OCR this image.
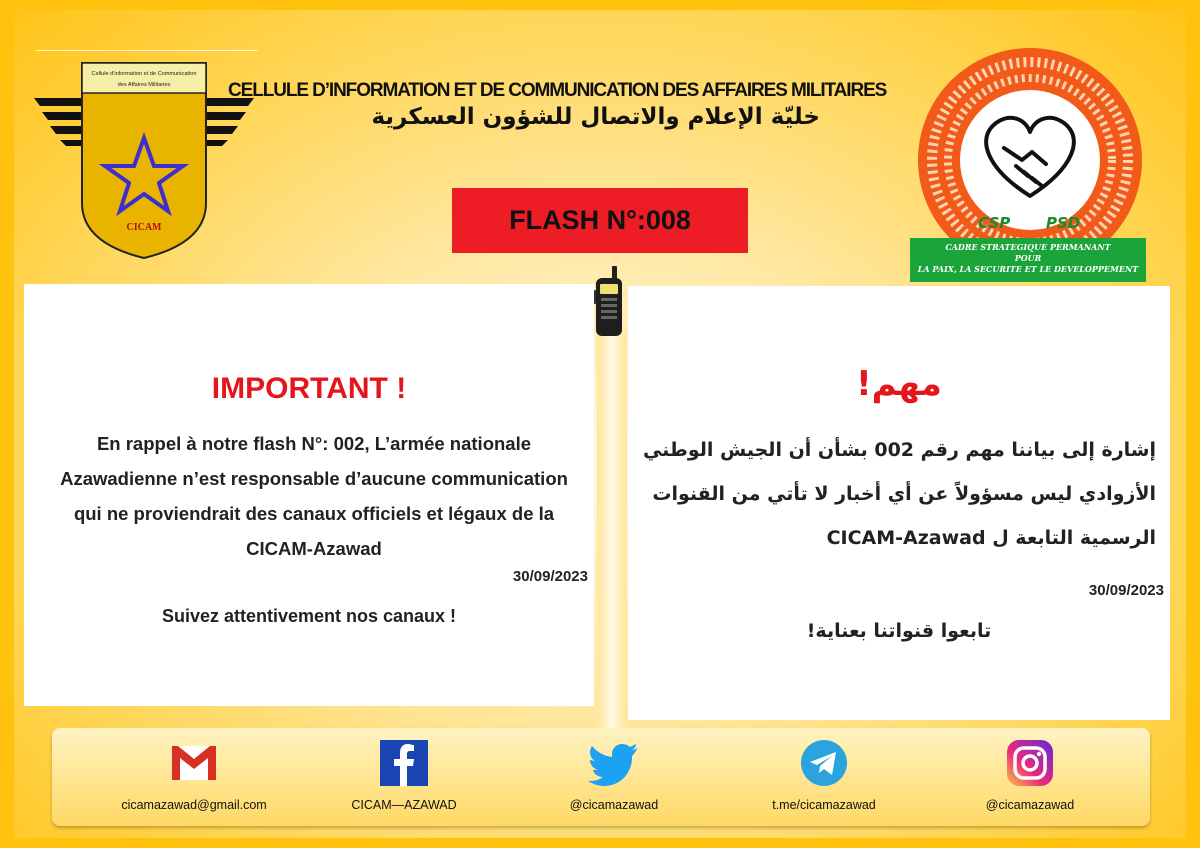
Cellule d'information et de Communication
des Affaires Militaires
CICAM
CELLULE D’INFORMATION ET DE COMMUNICATION DES AFFAIRES MILITAIRES
خليّة الإعلام والاتصال للشؤون العسكرية
FLASH N°:008	CSP PSD
CADRE STRATEGIQUE PERMANANT
POUR
LA PAIX, LA SECURITE ET LE DEVELOPPEMENT
IMPORTANT !
En rappel à notre flash N°: 002, L’armée nationale Azawadienne n’est responsable d’aucune communication qui ne proviendrait des canaux officiels et légaux de la CICAM-Azawad
30/09/2023
Suivez attentivement nos canaux !
مهم!
إشارة إلى بياننا مهم رقم 002 بشأن أن الجيش الوطني الأزوادي ليس مسؤولاً عن أي أخبار لا تأتي من القنوات الرسمية التابعة ل CICAM-Azawad
30/09/2023
تابعوا قنواتنا بعناية!
cicamazawad@gmail.com	CICAM—AZAWAD	@cicamazawad	t.me/cicamazawad	@cicamazawad
